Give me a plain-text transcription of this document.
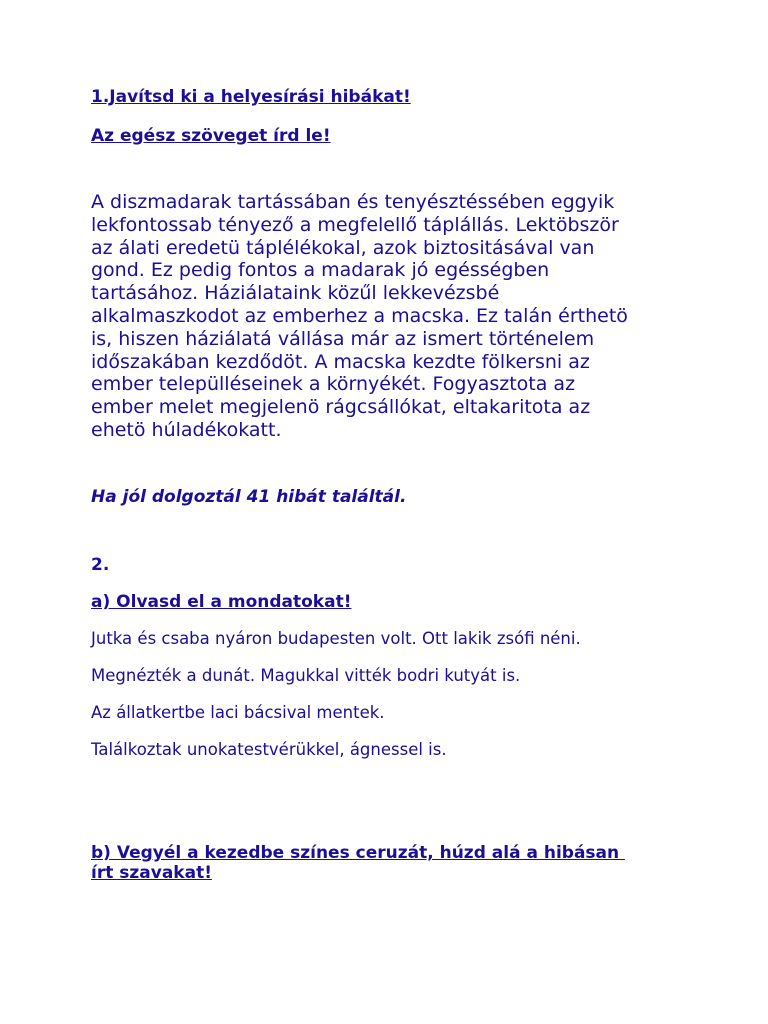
1.Javítsd ki a helyesírási hibákat!

Az egész szöveget írd le!

A diszmadarak tartássában és tenyésztéssében eggyik
lekfontossab tényező a megfelellő táplállás. Lektöbször
az álati eredetü táplélékokal, azok biztositásával van
gond. Ez pedig fontos a madarak jó egésségben
tartásához. Háziálataink közűl lekkevézsbé
alkalmaszkodot az emberhez a macska. Ez talán érthetö
is, hiszen háziálatá vállása már az ismert történelem
időszakában kezdődöt. A macska kezdte fölkersni az
ember települléseinek a környékét. Fogyasztota az
ember melet megjelenö rágcsállókat, eltakaritota az
ehetö húladékokatt.

Ha jól dolgoztál 41 hibát találtál.

2.

a) Olvasd el a mondatokat!

Jutka és csaba nyáron budapesten volt. Ott lakik zsófi néni.

Megnézték a dunát. Magukkal vitték bodri kutyát is.

Az állatkertbe laci bácsival mentek.

Találkoztak unokatestvérükkel, ágnessel is.

b) Vegyél a kezedbe színes ceruzát, húzd alá a hibásan
írt szavakat!
